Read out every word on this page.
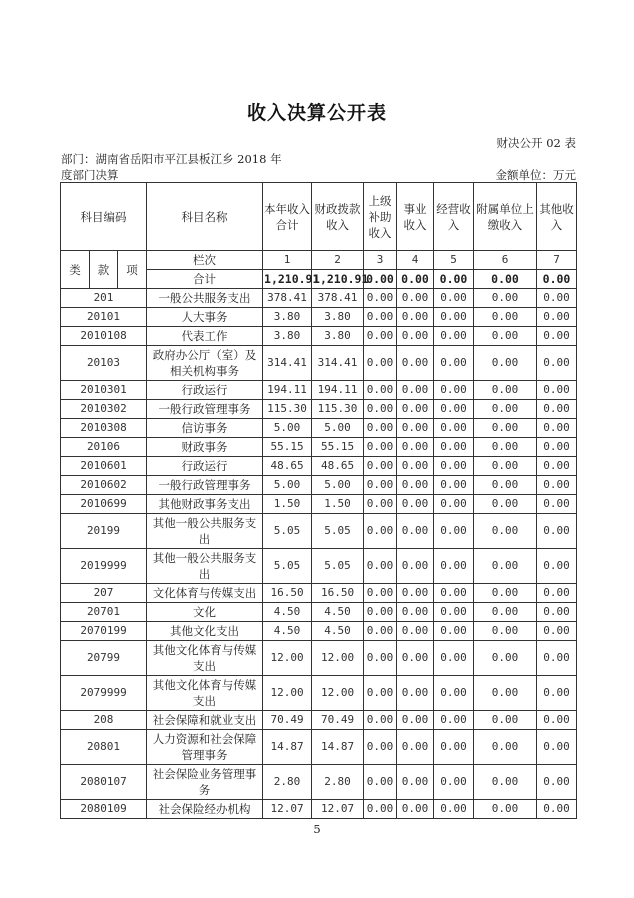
收入决算公开表
财决公开 02 表
部门：湖南省岳阳市平江县板江乡 2018 年
度部门决算	金额单位：万元
科目编码			科目名称	本年收入合计	财政拨款收入	上级补助收入	事业收入	经营收入	附属单位上缴收入	其他收入
类	款	项	栏次	1	2	3	4	5	6	7
			合计	1,210.91	1,210.91	0.00	0.00	0.00	0.00	0.00
201			一般公共服务支出	378.41	378.41	0.00	0.00	0.00	0.00	0.00
20101			人大事务	3.80	3.80	0.00	0.00	0.00	0.00	0.00
2010108			代表工作	3.80	3.80	0.00	0.00	0.00	0.00	0.00
20103			政府办公厅（室）及相关机构事务	314.41	314.41	0.00	0.00	0.00	0.00	0.00
2010301			行政运行	194.11	194.11	0.00	0.00	0.00	0.00	0.00
2010302			一般行政管理事务	115.30	115.30	0.00	0.00	0.00	0.00	0.00
2010308			信访事务	5.00	5.00	0.00	0.00	0.00	0.00	0.00
20106			财政事务	55.15	55.15	0.00	0.00	0.00	0.00	0.00
2010601			行政运行	48.65	48.65	0.00	0.00	0.00	0.00	0.00
2010602			一般行政管理事务	5.00	5.00	0.00	0.00	0.00	0.00	0.00
2010699			其他财政事务支出	1.50	1.50	0.00	0.00	0.00	0.00	0.00
20199			其他一般公共服务支出	5.05	5.05	0.00	0.00	0.00	0.00	0.00
2019999			其他一般公共服务支出	5.05	5.05	0.00	0.00	0.00	0.00	0.00
207			文化体育与传媒支出	16.50	16.50	0.00	0.00	0.00	0.00	0.00
20701			文化	4.50	4.50	0.00	0.00	0.00	0.00	0.00
2070199			其他文化支出	4.50	4.50	0.00	0.00	0.00	0.00	0.00
20799			其他文化体育与传媒支出	12.00	12.00	0.00	0.00	0.00	0.00	0.00
2079999			其他文化体育与传媒支出	12.00	12.00	0.00	0.00	0.00	0.00	0.00
208			社会保障和就业支出	70.49	70.49	0.00	0.00	0.00	0.00	0.00
20801			人力资源和社会保障管理事务	14.87	14.87	0.00	0.00	0.00	0.00	0.00
2080107			社会保险业务管理事务	2.80	2.80	0.00	0.00	0.00	0.00	0.00
2080109			社会保险经办机构	12.07	12.07	0.00	0.00	0.00	0.00	0.00
5
